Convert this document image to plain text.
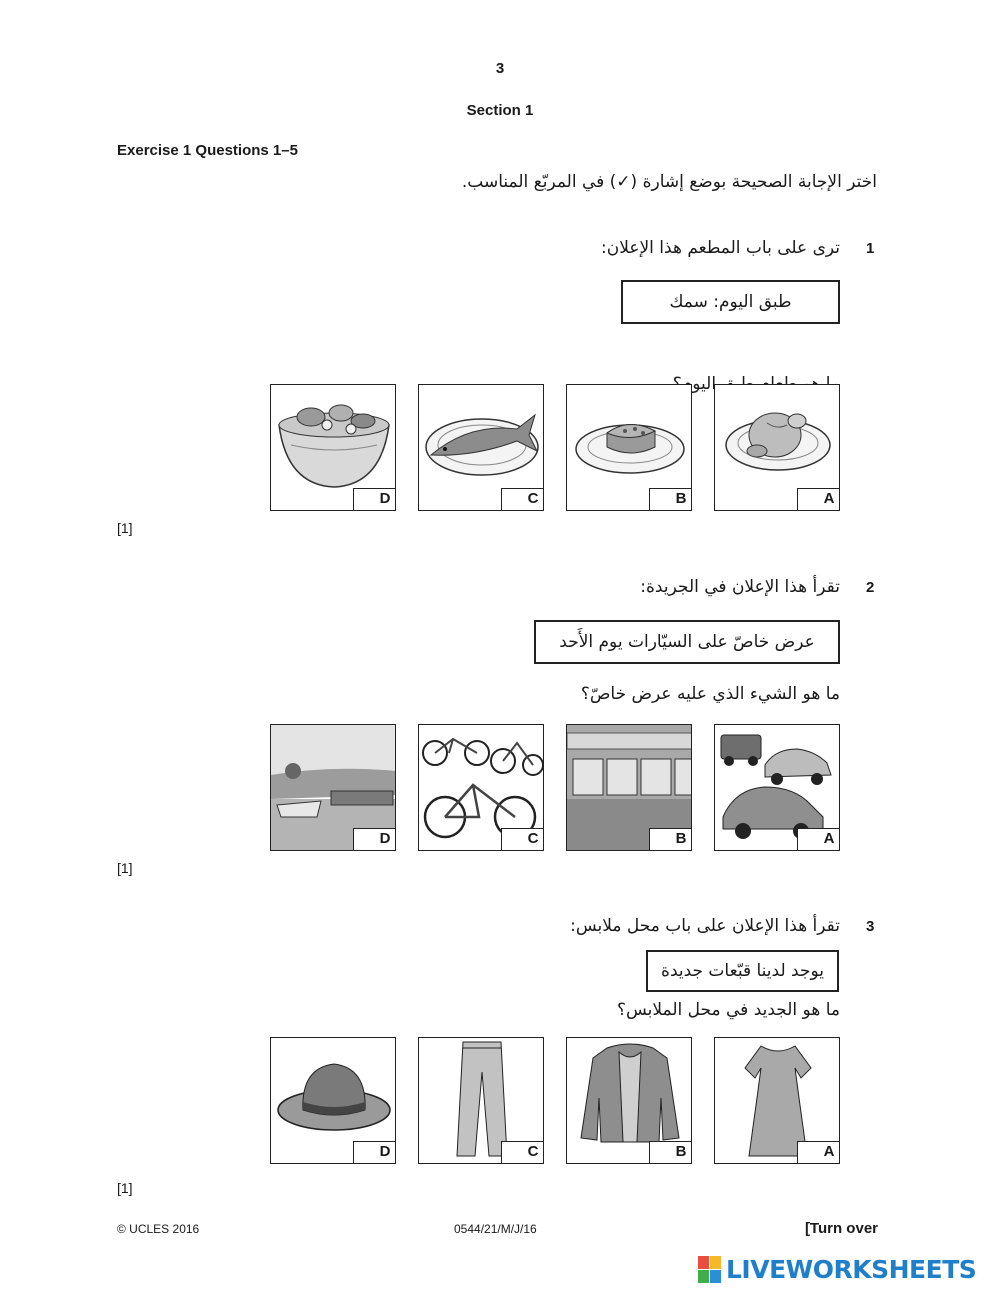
3
Section 1
Exercise 1 Questions 1–5
اختر الإجابة الصحيحة بوضع إشارة (✓) في المربّع المناسب.
1
ترى على باب المطعم هذا الإعلان:
طبق اليوم: سمك
اليوم؟
A
B
C
D
[1]
2
تقرأ هذا الإعلان في الجريدة:
عرض خاصّ على السيّارات يوم الأَحد
ما هو الشيء الذي عليه عرض خاصّ؟
A
B
C
D
[1]
3
تقرأ هذا الإعلان على باب محل ملابس:
يوجد لدينا قبّعات جديدة
ما هو الجديد في محل الملابس؟
A
B
C
D
[1]
© UCLES 2016	0544/21/M/J/16	[Turn over
LIVEWORKSHEETS
